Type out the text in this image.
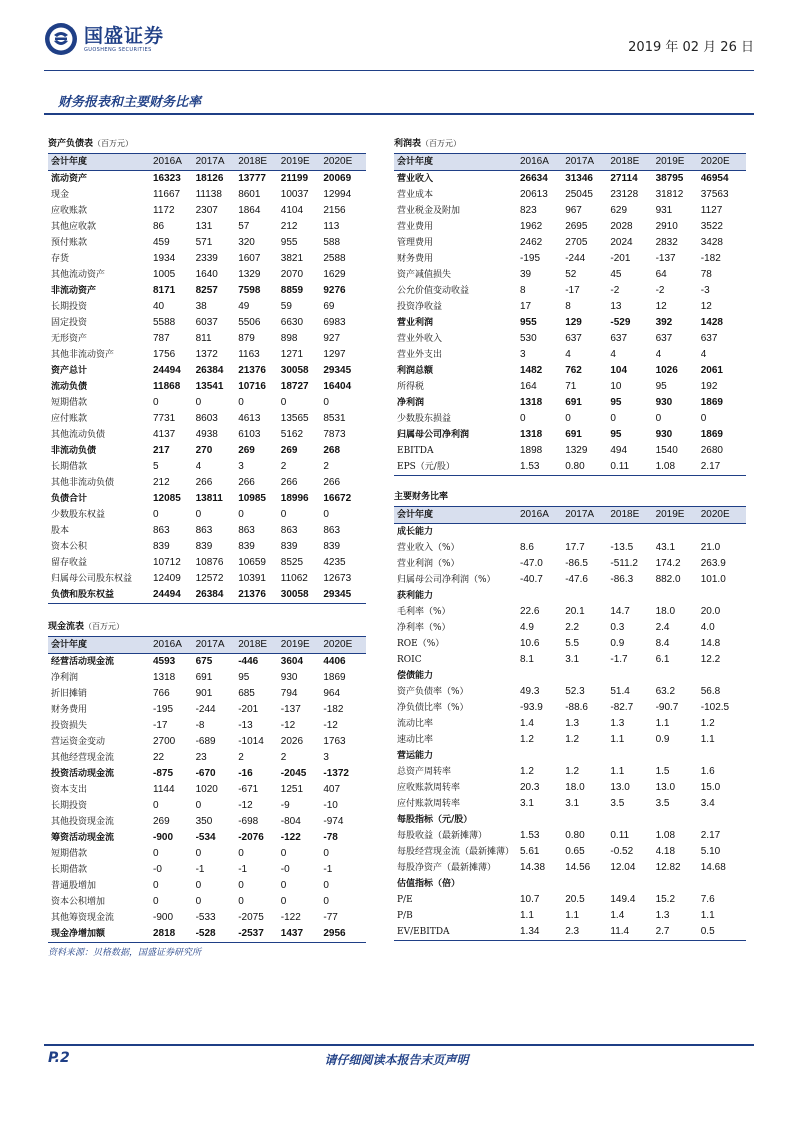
国盛证券
GUOSHENG SECURITIES	2019 年 02 月 26 日
财务报表和主要财务比率
资产负债表（百万元）					
会计年度	2016A	2017A	2018E	2019E	2020E
流动资产	16323	18126	13777	21199	20069
现金	11667	11138	8601	10037	12994
应收账款	1172	2307	1864	4104	2156
其他应收款	86	131	57	212	113
预付账款	459	571	320	955	588
存货	1934	2339	1607	3821	2588
其他流动资产	1005	1640	1329	2070	1629
非流动资产	8171	8257	7598	8859	9276
长期投资	40	38	49	59	69
固定投资	5588	6037	5506	6630	6983
无形资产	787	811	879	898	927
其他非流动资产	1756	1372	1163	1271	1297
资产总计	24494	26384	21376	30058	29345
流动负债	11868	13541	10716	18727	16404
短期借款	0	0	0	0	0
应付账款	7731	8603	4613	13565	8531
其他流动负债	4137	4938	6103	5162	7873
非流动负债	217	270	269	269	268
长期借款	5	4	3	2	2
其他非流动负债	212	266	266	266	266
负债合计	12085	13811	10985	18996	16672
少数股东权益	0	0	0	0	0
股本	863	863	863	863	863
资本公积	839	839	839	839	839
留存收益	10712	10876	10659	8525	4235
归属母公司股东权益	12409	12572	10391	11062	12673
负债和股东权益	24494	26384	21376	30058	29345
现金流表（百万元）					
会计年度	2016A	2017A	2018E	2019E	2020E
经营活动现金流	4593	675	-446	3604	4406
净利润	1318	691	95	930	1869
折旧摊销	766	901	685	794	964
财务费用	-195	-244	-201	-137	-182
投资损失	-17	-8	-13	-12	-12
营运资金变动	2700	-689	-1014	2026	1763
其他经营现金流	22	23	2	2	3
投资活动现金流	-875	-670	-16	-2045	-1372
资本支出	1144	1020	-671	1251	407
长期投资	0	0	-12	-9	-10
其他投资现金流	269	350	-698	-804	-974
筹资活动现金流	-900	-534	-2076	-122	-78
短期借款	0	0	0	0	0
长期借款	-0	-1	-1	-0	-1
普通股增加	0	0	0	0	0
资本公积增加	0	0	0	0	0
其他筹资现金流	-900	-533	-2075	-122	-77
现金净增加额	2818	-528	-2537	1437	2956
利润表（百万元）					
会计年度	2016A	2017A	2018E	2019E	2020E
营业收入	26634	31346	27114	38795	46954
营业成本	20613	25045	23128	31812	37563
营业税金及附加	823	967	629	931	1127
营业费用	1962	2695	2028	2910	3522
管理费用	2462	2705	2024	2832	3428
财务费用	-195	-244	-201	-137	-182
资产减值损失	39	52	45	64	78
公允价值变动收益	8	-17	-2	-2	-3
投资净收益	17	8	13	12	12
营业利润	955	129	-529	392	1428
营业外收入	530	637	637	637	637
营业外支出	3	4	4	4	4
利润总额	1482	762	104	1026	2061
所得税	164	71	10	95	192
净利润	1318	691	95	930	1869
少数股东损益	0	0	0	0	0
归属母公司净利润	1318	691	95	930	1869
EBITDA	1898	1329	494	1540	2680
EPS（元/股）	1.53	0.80	0.11	1.08	2.17
主要财务比率					
会计年度	2016A	2017A	2018E	2019E	2020E
成长能力					
营业收入（%）	8.6	17.7	-13.5	43.1	21.0
营业利润（%）	-47.0	-86.5	-511.2	174.2	263.9
归属母公司净利润（%）	-40.7	-47.6	-86.3	882.0	101.0
获利能力					
毛利率（%）	22.6	20.1	14.7	18.0	20.0
净利率（%）	4.9	2.2	0.3	2.4	4.0
ROE（%）	10.6	5.5	0.9	8.4	14.8
ROIC	8.1	3.1	-1.7	6.1	12.2
偿债能力					
资产负债率（%）	49.3	52.3	51.4	63.2	56.8
净负债比率（%）	-93.9	-88.6	-82.7	-90.7	-102.5
流动比率	1.4	1.3	1.3	1.1	1.2
速动比率	1.2	1.2	1.1	0.9	1.1
营运能力					
总资产周转率	1.2	1.2	1.1	1.5	1.6
应收账款周转率	20.3	18.0	13.0	13.0	15.0
应付账款周转率	3.1	3.1	3.5	3.5	3.4
每股指标（元/股）					
每股收益（最新摊薄）	1.53	0.80	0.11	1.08	2.17
每股经营现金流（最新摊薄）	5.61	0.65	-0.52	4.18	5.10
每股净资产（最新摊薄）	14.38	14.56	12.04	12.82	14.68
估值指标（倍）					
P/E	10.7	20.5	149.4	15.2	7.6
P/B	1.1	1.1	1.4	1.3	1.1
EV/EBITDA	1.34	2.3	11.4	2.7	0.5
资料来源：贝格数据，国盛证券研究所
P.2	请仔细阅读本报告末页声明
